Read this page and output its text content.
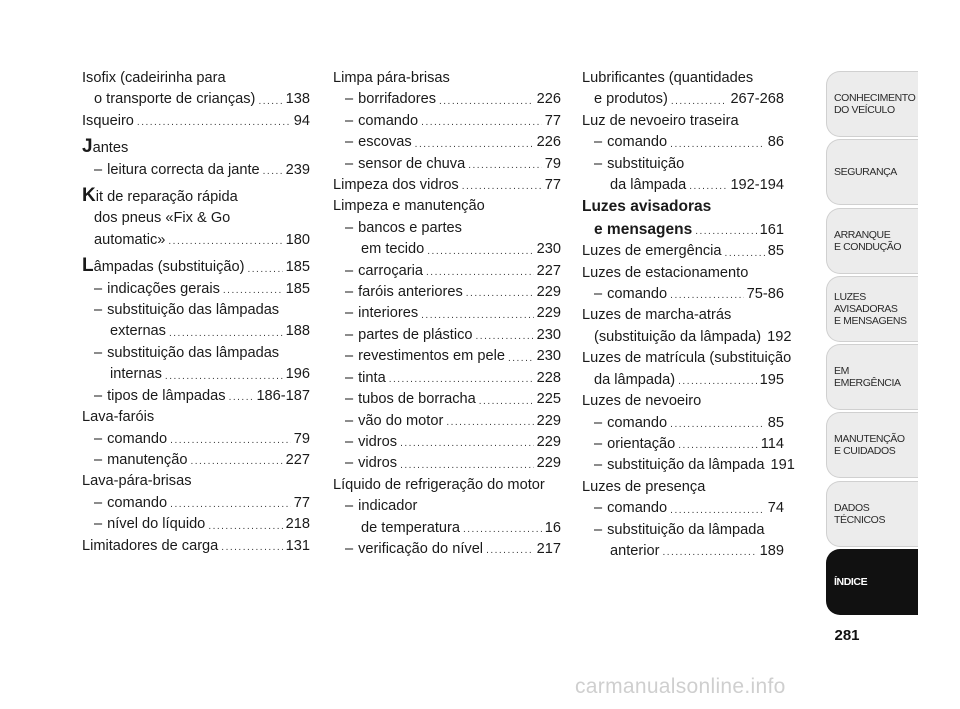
Isofix (cadeirinha para
o transporte de crianças) ..... 138
Isqueiro .....	94
Jantes
– leitura correcta da jante ..... 239
Kit de reparação rápida
dos pneus «Fix & Go
automatic» .....	180
Lâmpadas (substituição) .....	185
– indicações gerais .....	185
– substituição das lâmpadas
externas .....	188
– substituição das lâmpadas
internas .....	196
– tipos de lâmpadas ..... 186-187
Lava-faróis
– comando .....	79
– manutenção .....	227
Lava-pára-brisas
– comando .....	77
– nível do líquido .....	218
Limitadores de carga .....	131
Limpa pára-brisas
– borrifadores .....	226
– comando .....	77
– escovas .....	226
– sensor de chuva .....	79
Limpeza dos vidros .....	77
Limpeza e manutenção
– bancos e partes
em tecido .....	230
– carroçaria .....	227
– faróis anteriores .....	229
– interiores .....	229
– partes de plástico .....	230
– revestimentos em pele ..... 230
– tinta .....	228
– tubos de borracha .....	225
– vão do motor .....	229
– vidros .....	229
– vidros .....	229
Líquido de refrigeração do motor
– indicador
de temperatura .....	16
– verificação do nível .....	217
Lubrificantes (quantidades
e produtos) .....	267-268
Luz de nevoeiro traseira
– comando .....	86
– substituição
da lâmpada .....	192-194
Luzes avisadoras
e mensagens .....	161
Luzes de emergência .....	85
Luzes de estacionamento
– comando .....	75-86
Luzes de marcha-atrás
(substituição da lâmpada) 192
Luzes de matrícula (substituição
da lâmpada) .....	195
Luzes de nevoeiro
– comando .....	85
– orientação .....	114
– substituição da lâmpada 191
Luzes de presença
– comando .....	74
– substituição da lâmpada
anterior .....	189
CONHECIMENTO
DO VEÍCULO
SEGURANÇA
ARRANQUE
E CONDUÇÃO
LUZES
AVISADORAS
E MENSAGENS
EM EMERGÊNCIA
MANUTENÇÃO
E CUIDADOS
DADOS
TÉCNICOS
ÍNDICE
281
carmanualsonline.info
